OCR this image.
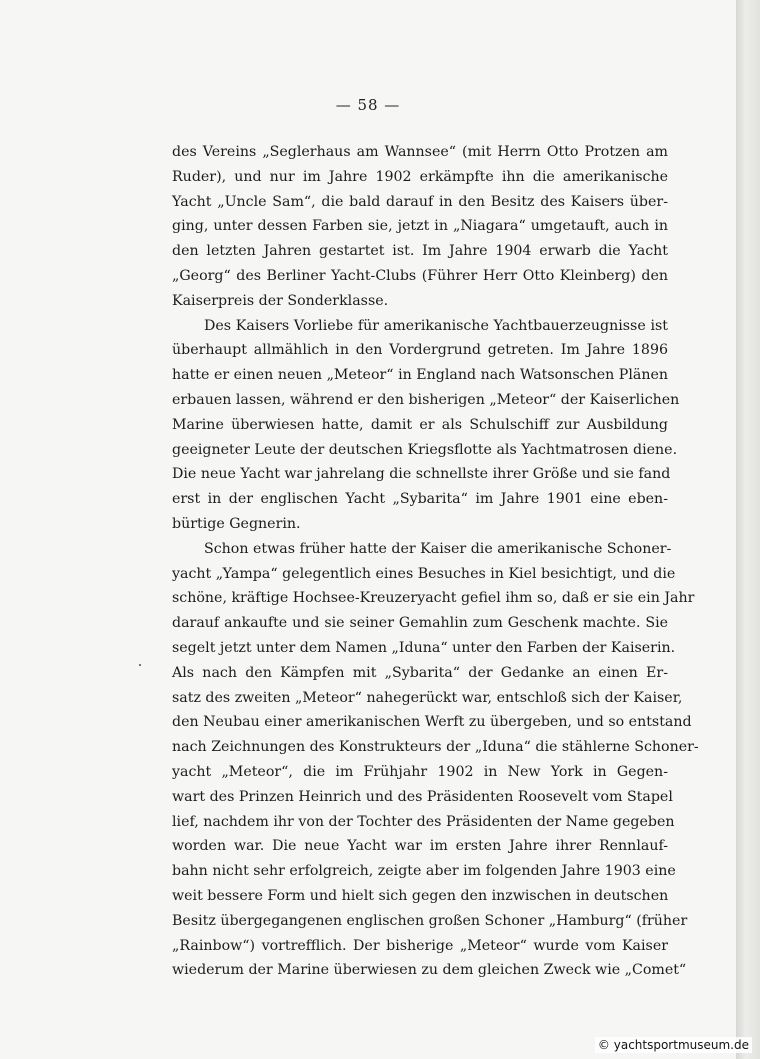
— 58 —

des Vereins „Seglerhaus am Wannsee“ (mit Herrn Otto Protzen am
Ruder), und nur im Jahre 1902 erkämpfte ihn die amerikanische
Yacht „Uncle Sam“, die bald darauf in den Besitz des Kaisers über-
ging, unter dessen Farben sie, jetzt in „Niagara“ umgetauft, auch in
den letzten Jahren gestartet ist. Im Jahre 1904 erwarb die Yacht
„Georg“ des Berliner Yacht-Clubs (Führer Herr Otto Kleinberg) den
Kaiserpreis der Sonderklasse.

Des Kaisers Vorliebe für amerikanische Yachtbauerzeugnisse ist
überhaupt allmählich in den Vordergrund getreten. Im Jahre 1896
hatte er einen neuen „Meteor“ in England nach Watsonschen Plänen
erbauen lassen, während er den bisherigen „Meteor“ der Kaiserlichen
Marine überwiesen hatte, damit er als Schulschiff zur Ausbildung
geeigneter Leute der deutschen Kriegsflotte als Yachtmatrosen diene.
Die neue Yacht war jahrelang die schnellste ihrer Größe und sie fand
erst in der englischen Yacht „Sybarita“ im Jahre 1901 eine eben-
bürtige Gegnerin.

Schon etwas früher hatte der Kaiser die amerikanische Schoner-
yacht „Yampa“ gelegentlich eines Besuches in Kiel besichtigt, und die
schöne, kräftige Hochsee-Kreuzeryacht gefiel ihm so, daß er sie ein Jahr
darauf ankaufte und sie seiner Gemahlin zum Geschenk machte. Sie
segelt jetzt unter dem Namen „Iduna“ unter den Farben der Kaiserin.
Als nach den Kämpfen mit „Sybarita“ der Gedanke an einen Er-
satz des zweiten „Meteor“ nahegerückt war, entschloß sich der Kaiser,
den Neubau einer amerikanischen Werft zu übergeben, und so entstand
nach Zeichnungen des Konstrukteurs der „Iduna“ die stählerne Schoner-
yacht „Meteor“, die im Frühjahr 1902 in New York in Gegen-
wart des Prinzen Heinrich und des Präsidenten Roosevelt vom Stapel
lief, nachdem ihr von der Tochter des Präsidenten der Name gegeben
worden war. Die neue Yacht war im ersten Jahre ihrer Rennlauf-
bahn nicht sehr erfolgreich, zeigte aber im folgenden Jahre 1903 eine
weit bessere Form und hielt sich gegen den inzwischen in deutschen
Besitz übergegangenen englischen großen Schoner „Hamburg“ (früher
„Rainbow“) vortrefflich. Der bisherige „Meteor“ wurde vom Kaiser
wiederum der Marine überwiesen zu dem gleichen Zweck wie „Comet“

© yachtsportmuseum.de
